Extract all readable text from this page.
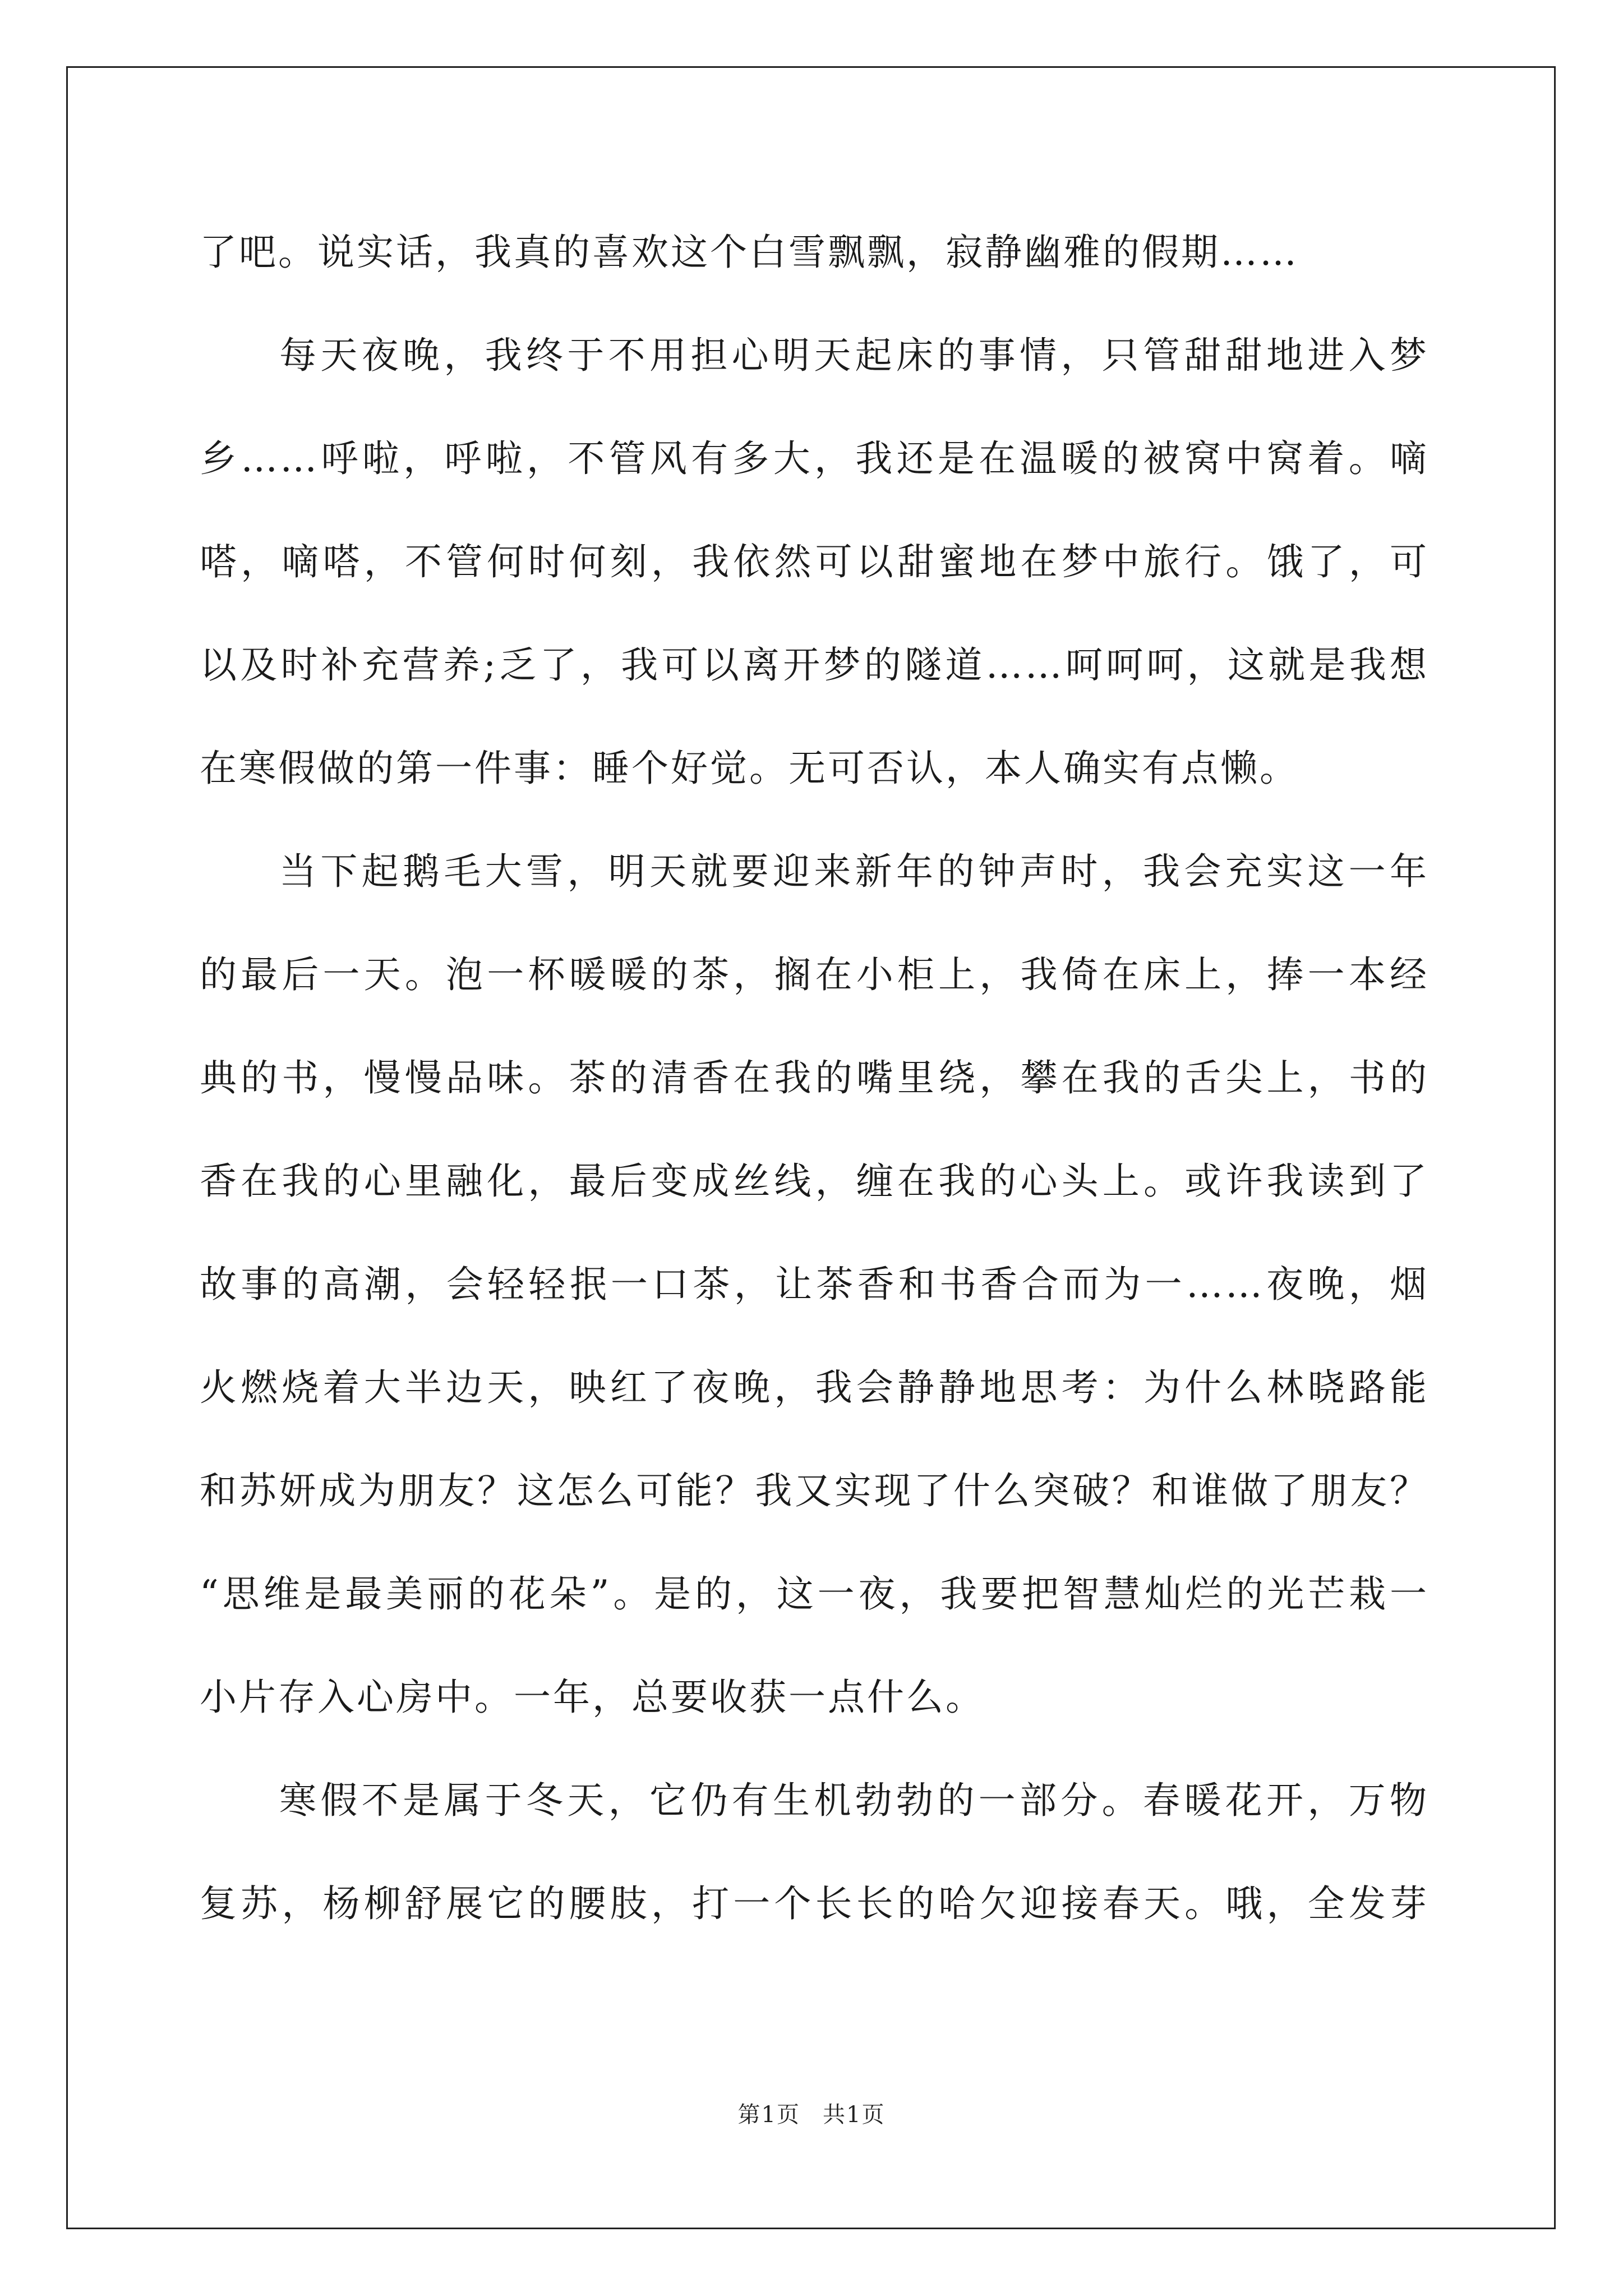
了吧。说实话，我真的喜欢这个白雪飘飘，寂静幽雅的假期……
每天夜晚，我终于不用担心明天起床的事情，只管甜甜地进入梦
乡……呼啦，呼啦，不管风有多大，我还是在温暖的被窝中窝着。嘀
嗒，嘀嗒，不管何时何刻，我依然可以甜蜜地在梦中旅行。饿了，可
以及时补充营养;乏了，我可以离开梦的隧道……呵呵呵，这就是我想
在寒假做的第一件事：睡个好觉。无可否认，本人确实有点懒。
当下起鹅毛大雪，明天就要迎来新年的钟声时，我会充实这一年
的最后一天。泡一杯暖暖的茶，搁在小柜上，我倚在床上，捧一本经
典的书，慢慢品味。茶的清香在我的嘴里绕，攀在我的舌尖上，书的
香在我的心里融化，最后变成丝线，缠在我的心头上。或许我读到了
故事的高潮，会轻轻抿一口茶，让茶香和书香合而为一……夜晚，烟
火燃烧着大半边天，映红了夜晚，我会静静地思考：为什么林晓路能
和苏妍成为朋友？这怎么可能？我又实现了什么突破？和谁做了朋友？
“思维是最美丽的花朵”。是的，这一夜，我要把智慧灿烂的光芒栽一
小片存入心房中。一年，总要收获一点什么。
寒假不是属于冬天，它仍有生机勃勃的一部分。春暖花开，万物
复苏，杨柳舒展它的腰肢，打一个长长的哈欠迎接春天。哦，全发芽
第1页 共1页
